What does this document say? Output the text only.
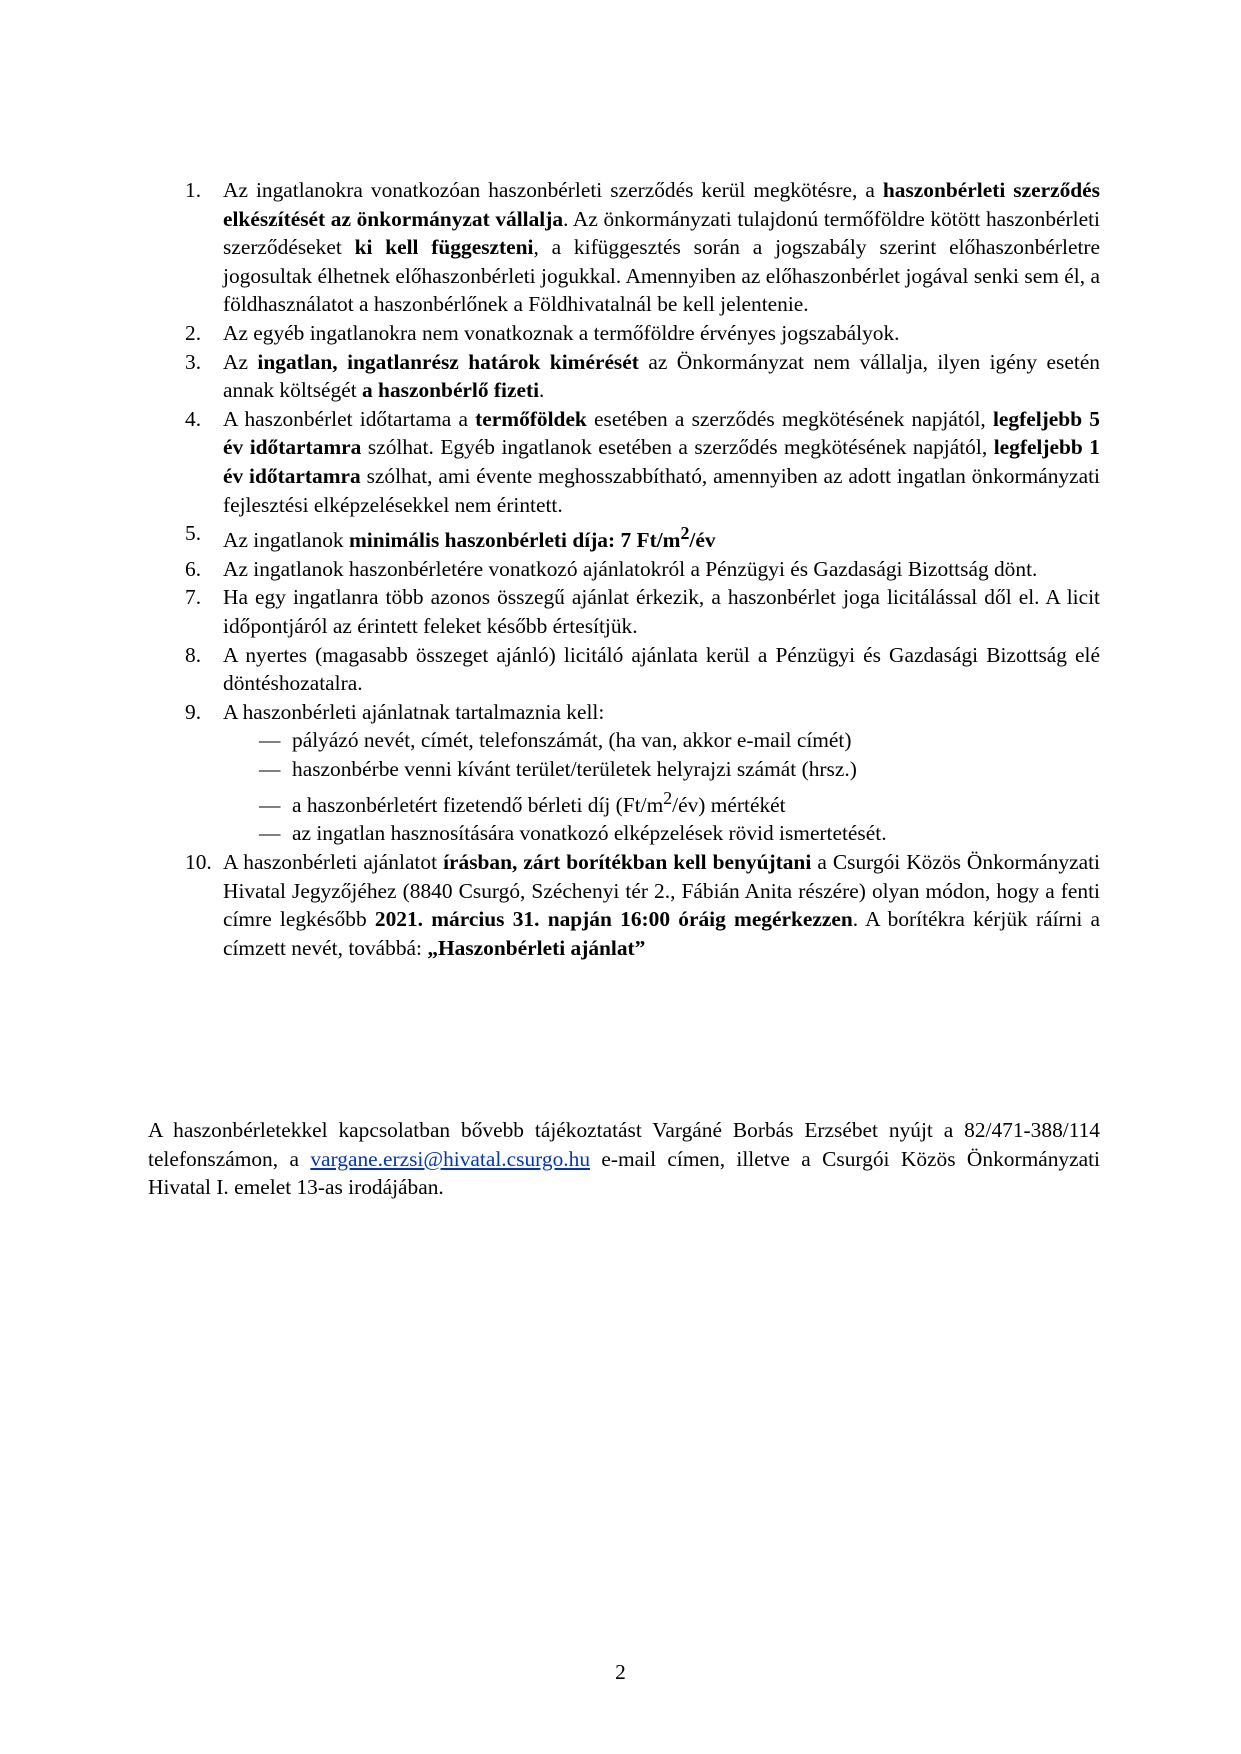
1.	Az ingatlanokra vonatkozóan haszonbérleti szerződés kerül megkötésre, a haszonbérleti szerződés elkészítését az önkormányzat vállalja. Az önkormányzati tulajdonú termőföldre kötött haszonbérleti szerződéseket ki kell függeszteni, a kifüggesztés során a jogszabály szerint előhaszonbérletre jogosultak élhetnek előhaszonbérleti jogukkal. Amennyiben az előhaszonbérlet jogával senki sem él, a földhasználatot a haszonbérlőnek a Földhivatalnál be kell jelentenie.
2.	Az egyéb ingatlanokra nem vonatkoznak a termőföldre érvényes jogszabályok.
3.	Az ingatlan, ingatlanrész határok kimérését az Önkormányzat nem vállalja, ilyen igény esetén annak költségét a haszonbérlő fizeti.
4.	A haszonbérlet időtartama a termőföldek esetében a szerződés megkötésének napjától, legfeljebb 5 év időtartamra szólhat. Egyéb ingatlanok esetében a szerződés megkötésének napjától, legfeljebb 1 év időtartamra szólhat, ami évente meghosszabbítható, amennyiben az adott ingatlan önkormányzati fejlesztési elképzelésekkel nem érintett.
5.	Az ingatlanok minimális haszonbérleti díja: 7 $Ft/m^2/év$
6.	Az ingatlanok haszonbérletére vonatkozó ajánlatokról a Pénzügyi és Gazdasági Bizottság dönt.
7.	Ha egy ingatlanra több azonos összegű ajánlat érkezik, a haszonbérlet joga licitálással dől el. A licit időpontjáról az érintett feleket később értesítjük.
8.	A nyertes (magasabb összeget ajánló) licitáló ajánlata kerül a Pénzügyi és Gazdasági Bizottság elé döntéshozatalra.
9.	A haszonbérleti ajánlatnak tartalmaznia kell:
— pályázó nevét, címét, telefonszámát, (ha van, akkor e-mail címét)
— haszonbérbe venni kívánt terület/területek helyrajzi számát (hrsz.)
— a haszonbérletért fizetendő bérleti díj $(Ft/m^2/év)$ mértékét
— az ingatlan hasznosítására vonatkozó elképzelések rövid ismertetését.
10. A haszonbérleti ajánlatot írásban, zárt borítékban kell benyújtani a Csurgói Közös Önkormányzati Hivatal Jegyzőjéhez (8840 Csurgó, Széchenyi tér 2., Fábián Anita részére) olyan módon, hogy a fenti címre legkésőbb 2021. március 31. napján 16:00 óráig megérkezzen. A borítékra kérjük ráírni a címzett nevét, továbbá: „Haszonbérleti ajánlat”

A haszonbérletekkel kapcsolatban bővebb tájékoztatást Vargáné Borbás Erzsébet nyújt a 82/471-388/114 telefonszámon, a vargane.erzsi@hivatal.csurgo.hu e-mail címen, illetve a Csurgói Közös Önkormányzati Hivatal I. emelet 13-as irodájában.

2
